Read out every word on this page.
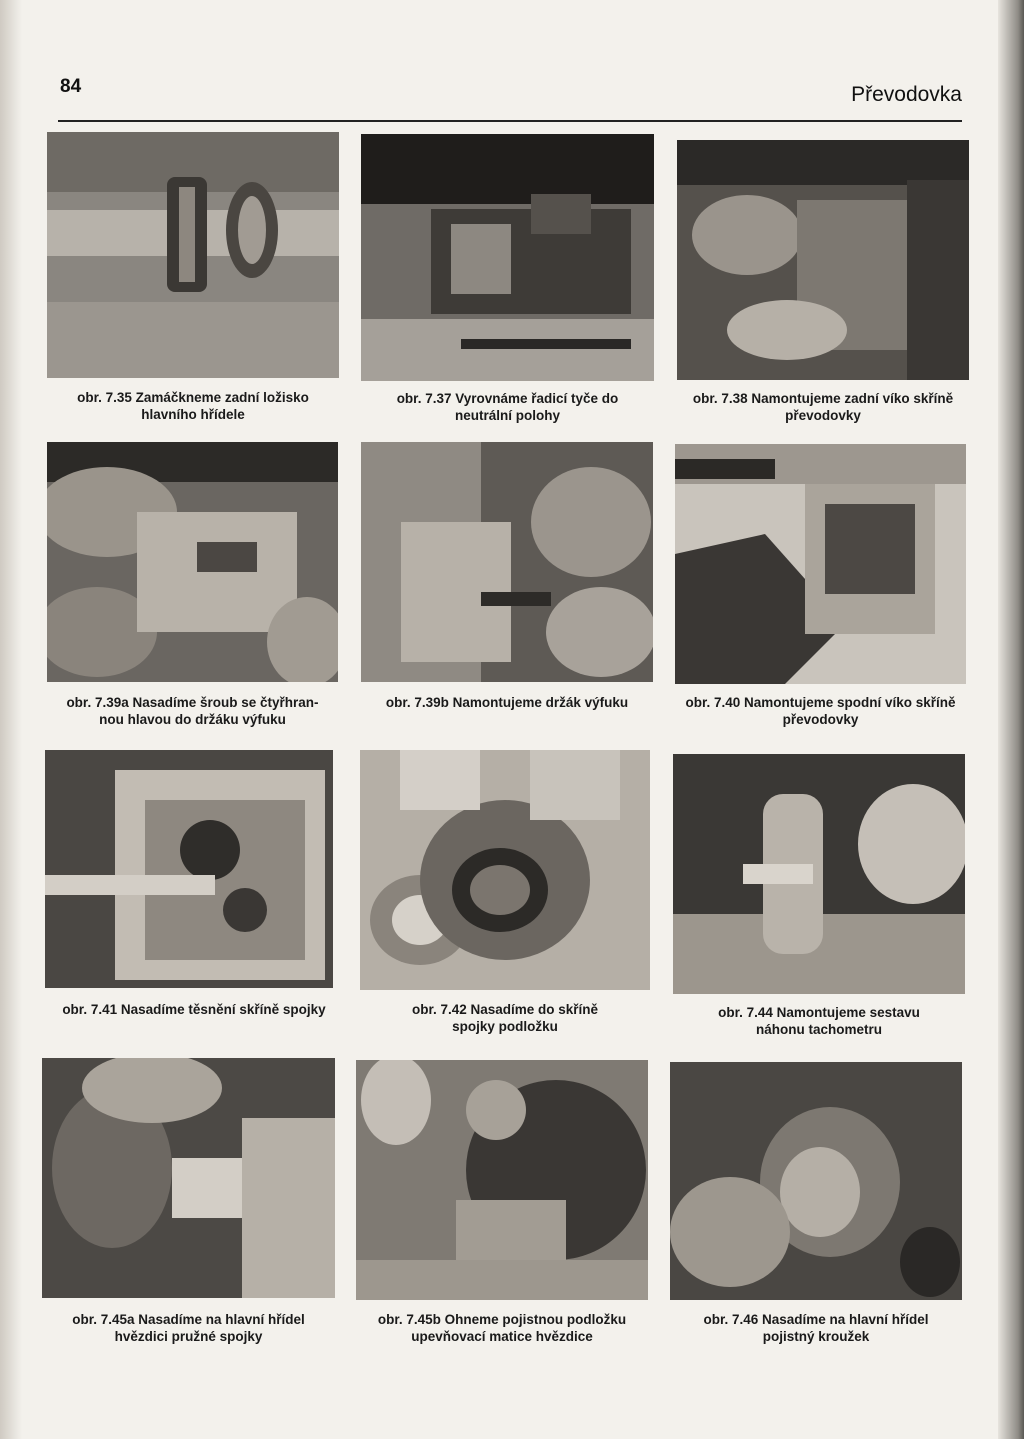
84	Převodovka
obr. 7.35 Zamáčkneme zadní ložisko
hlavního hřídele
obr. 7.37 Vyrovnáme řadicí tyče do
neutrální polohy
obr. 7.38 Namontujeme zadní víko skříně
převodovky
obr. 7.39a Nasadíme šroub se čtyřhran-
nou hlavou do držáku výfuku
obr. 7.39b Namontujeme držák výfuku	obr. 7.40 Namontujeme spodní víko skříně
převodovky
obr. 7.41 Nasadíme těsnění skříně spojky	obr. 7.42 Nasadíme do skříně
spojky podložku
obr. 7.44 Namontujeme sestavu
náhonu tachometru
obr. 7.45a Nasadíme na hlavní hřídel
hvězdici pružné spojky
obr. 7.45b Ohneme pojistnou podložku
upevňovací matice hvězdice
obr. 7.46 Nasadíme na hlavní hřídel
pojistný kroužek
